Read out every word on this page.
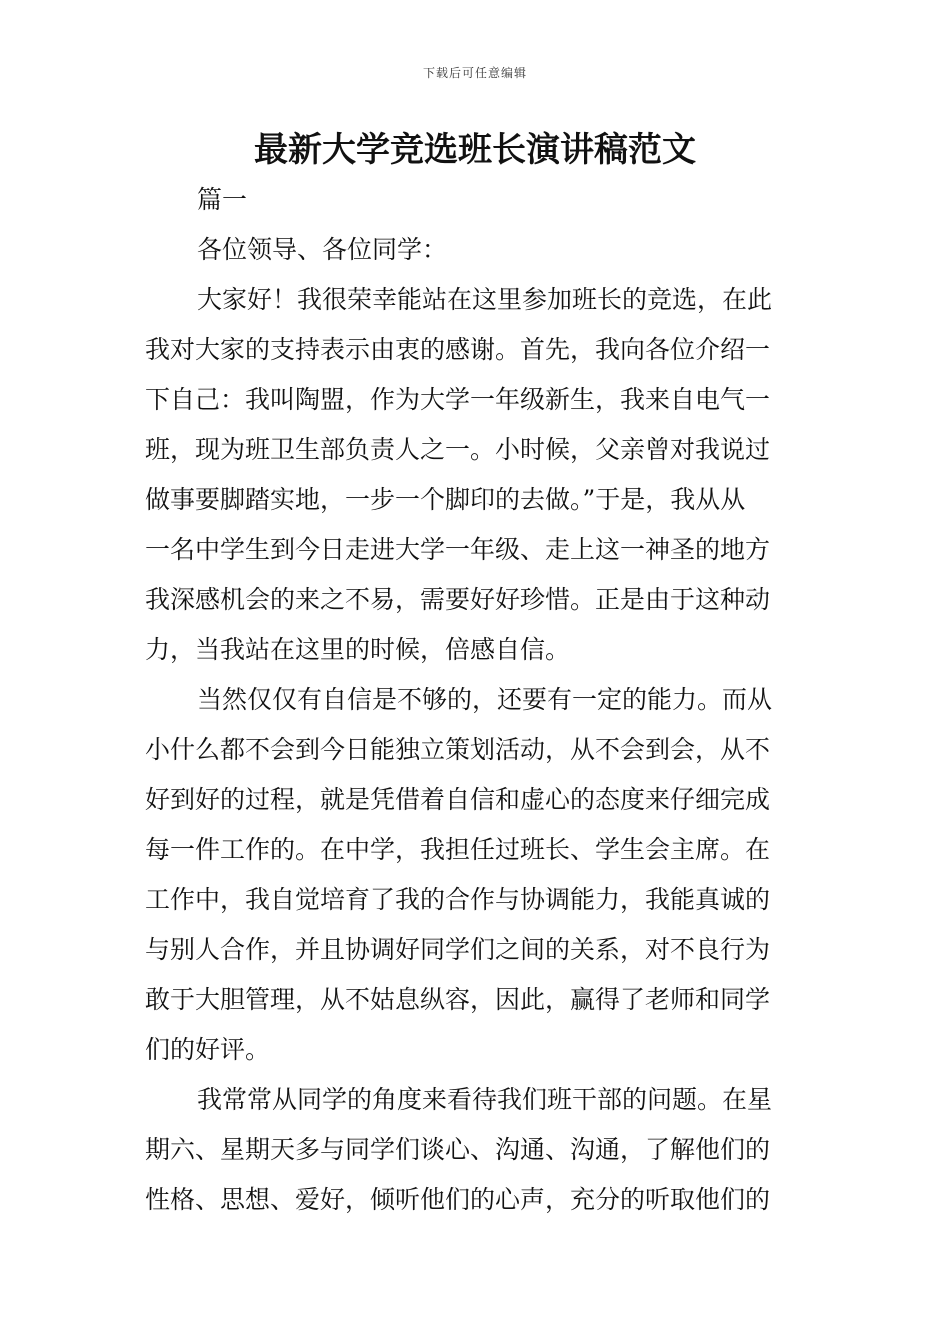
下载后可任意编辑
最新大学竞选班长演讲稿范文
篇一
各位领导、各位同学：
大家好！我很荣幸能站在这里参加班长的竞选，在此
我对大家的支持表示由衷的感谢。首先，我向各位介绍一
下自己：我叫陶盟，作为大学一年级新生，我来自电气一
班，现为班卫生部负责人之一。小时候，父亲曾对我说过
做事要脚踏实地，一步一个脚印的去做。”于是，我从从
一名中学生到今日走进大学一年级、走上这一神圣的地方
我深感机会的来之不易，需要好好珍惜。正是由于这种动
力，当我站在这里的时候，倍感自信。
当然仅仅有自信是不够的，还要有一定的能力。而从
小什么都不会到今日能独立策划活动，从不会到会，从不
好到好的过程，就是凭借着自信和虚心的态度来仔细完成
每一件工作的。在中学，我担任过班长、学生会主席。在
工作中，我自觉培育了我的合作与协调能力，我能真诚的
与别人合作，并且协调好同学们之间的关系，对不良行为
敢于大胆管理，从不姑息纵容，因此，赢得了老师和同学
们的好评。
我常常从同学的角度来看待我们班干部的问题。在星
期六、星期天多与同学们谈心、沟通、沟通，了解他们的
性格、思想、爱好，倾听他们的心声，充分的听取他们的
